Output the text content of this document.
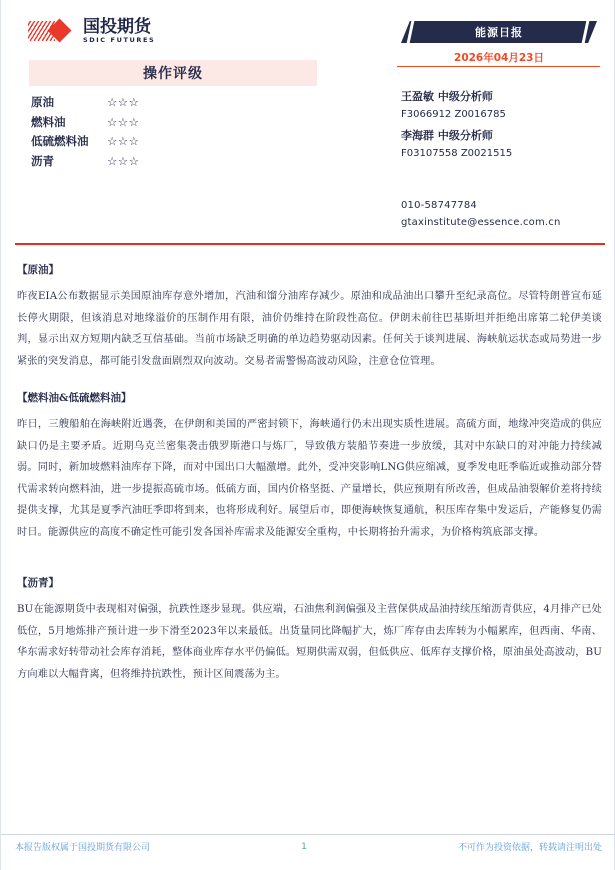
国投期货
SDIC FUTURES
操作评级
原油	☆☆☆
燃料油	☆☆☆
低硫燃料油	☆☆☆
沥青	☆☆☆
能源日报
2026年04月23日
王盈敏 中级分析师
F3066912 Z0016785
李海群 中级分析师
F03107558 Z0021515
010-58747784
gtaxinstitute@essence.com.cn
【原油】
昨夜EIA公布数据显示美国原油库存意外增加，汽油和馏分油库存减少。原油和成品油出口攀升至纪录高位。尽管特朗普宣布延长停火期限，但该消息对地缘溢价的压制作用有限，油价仍维持在阶段性高位。伊朗未前往巴基斯坦并拒绝出席第二轮伊美谈判，显示出双方短期内缺乏互信基础。当前市场缺乏明确的单边趋势驱动因素。任何关于谈判进展、海峡航运状态或局势进一步紧张的突发消息，都可能引发盘面剧烈双向波动。交易者需警惕高波动风险，注意仓位管理。
【燃料油&低硫燃料油】
昨日，三艘船舶在海峡附近遇袭，在伊朗和美国的严密封锁下，海峡通行仍未出现实质性进展。高硫方面，地缘冲突造成的供应缺口仍是主要矛盾。近期乌克兰密集袭击俄罗斯港口与炼厂，导致俄方装船节奏进一步放缓，其对中东缺口的对冲能力持续减弱。同时，新加坡燃料油库存下降，而对中国出口大幅激增。此外，受冲突影响LNG供应缩减，夏季发电旺季临近或推动部分替代需求转向燃料油，进一步提振高硫市场。低硫方面，国内价格坚挺、产量增长，供应预期有所改善，但成品油裂解价差将持续提供支撑，尤其是夏季汽油旺季即将到来，也将形成利好。展望后市，即便海峡恢复通航，积压库存集中发运后，产能修复仍需时日。能源供应的高度不确定性可能引发各国补库需求及能源安全重构，中长期将抬升需求，为价格构筑底部支撑。
【沥青】
BU在能源期货中表现相对偏强，抗跌性逐步显现。供应端，石油焦利润偏强及主营保供成品油持续压缩沥青供应，4月排产已处低位，5月地炼排产预计进一步下滑至2023年以来最低。出货量同比降幅扩大，炼厂库存由去库转为小幅累库，但西南、华南、华东需求好转带动社会库存消耗，整体商业库存水平仍偏低。短期供需双弱，但低供应、低库存支撑价格，原油虽处高波动，BU方向难以大幅背离，但将维持抗跌性，预计区间震荡为主。
本报告版权属于国投期货有限公司	1	不可作为投资依据，转载请注明出处
